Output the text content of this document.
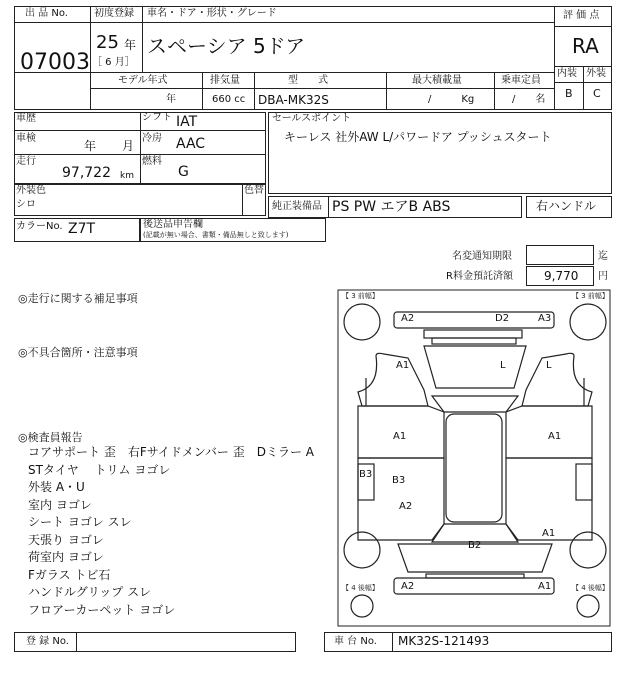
出 品 No.
07003
初度登録
25 年
［ 6 月］
車名・ドア・形状・グレード
スペーシア 5ドア
評 価 点
RA
内装 外装
B C
モデル年式
年
排気量
660 cc
型　　式
DBA-MK32S
最大積載量
/　　　Kg
乗車定員
/　　名
車歴
車検
年 月
走行
97,722 km
シフト IAT
冷房 AAC
燃料
G
セールスポイント
キーレス 社外AW L/パワードア プッシュスタート
外装色
シロ
色替
純正装備品 PS PW エアB ABS	右ハンドル
カラーNo. Z7T	後送品申告欄
(記載が無い場合、書類・備品無しと致します)
名変通知期限	迄
R料金預託済額	9,770 円
◎走行に関する補足事項
◎不具合箇所・注意事項
◎検査員報告
コアサポート 歪　右Fサイドメンバー 歪　Dミラー A
STタイヤ　 トリム ヨゴレ
外装 A・U
室内 ヨゴレ
シート ヨゴレ スレ
天張り ヨゴレ
荷室内 ヨゴレ
Fガラス トビ石
ハンドルグリップ スレ
フロアーカーペット ヨゴレ
【 3 前幅】	【 3 前幅】
【 4 後幅】	【 4 後幅】
A2	D2	A3
A1	L	L
A1	A1
B3
B3
A2
A1
B2
A2	A1
登 録 No.	車 台 No. MK32S-121493
